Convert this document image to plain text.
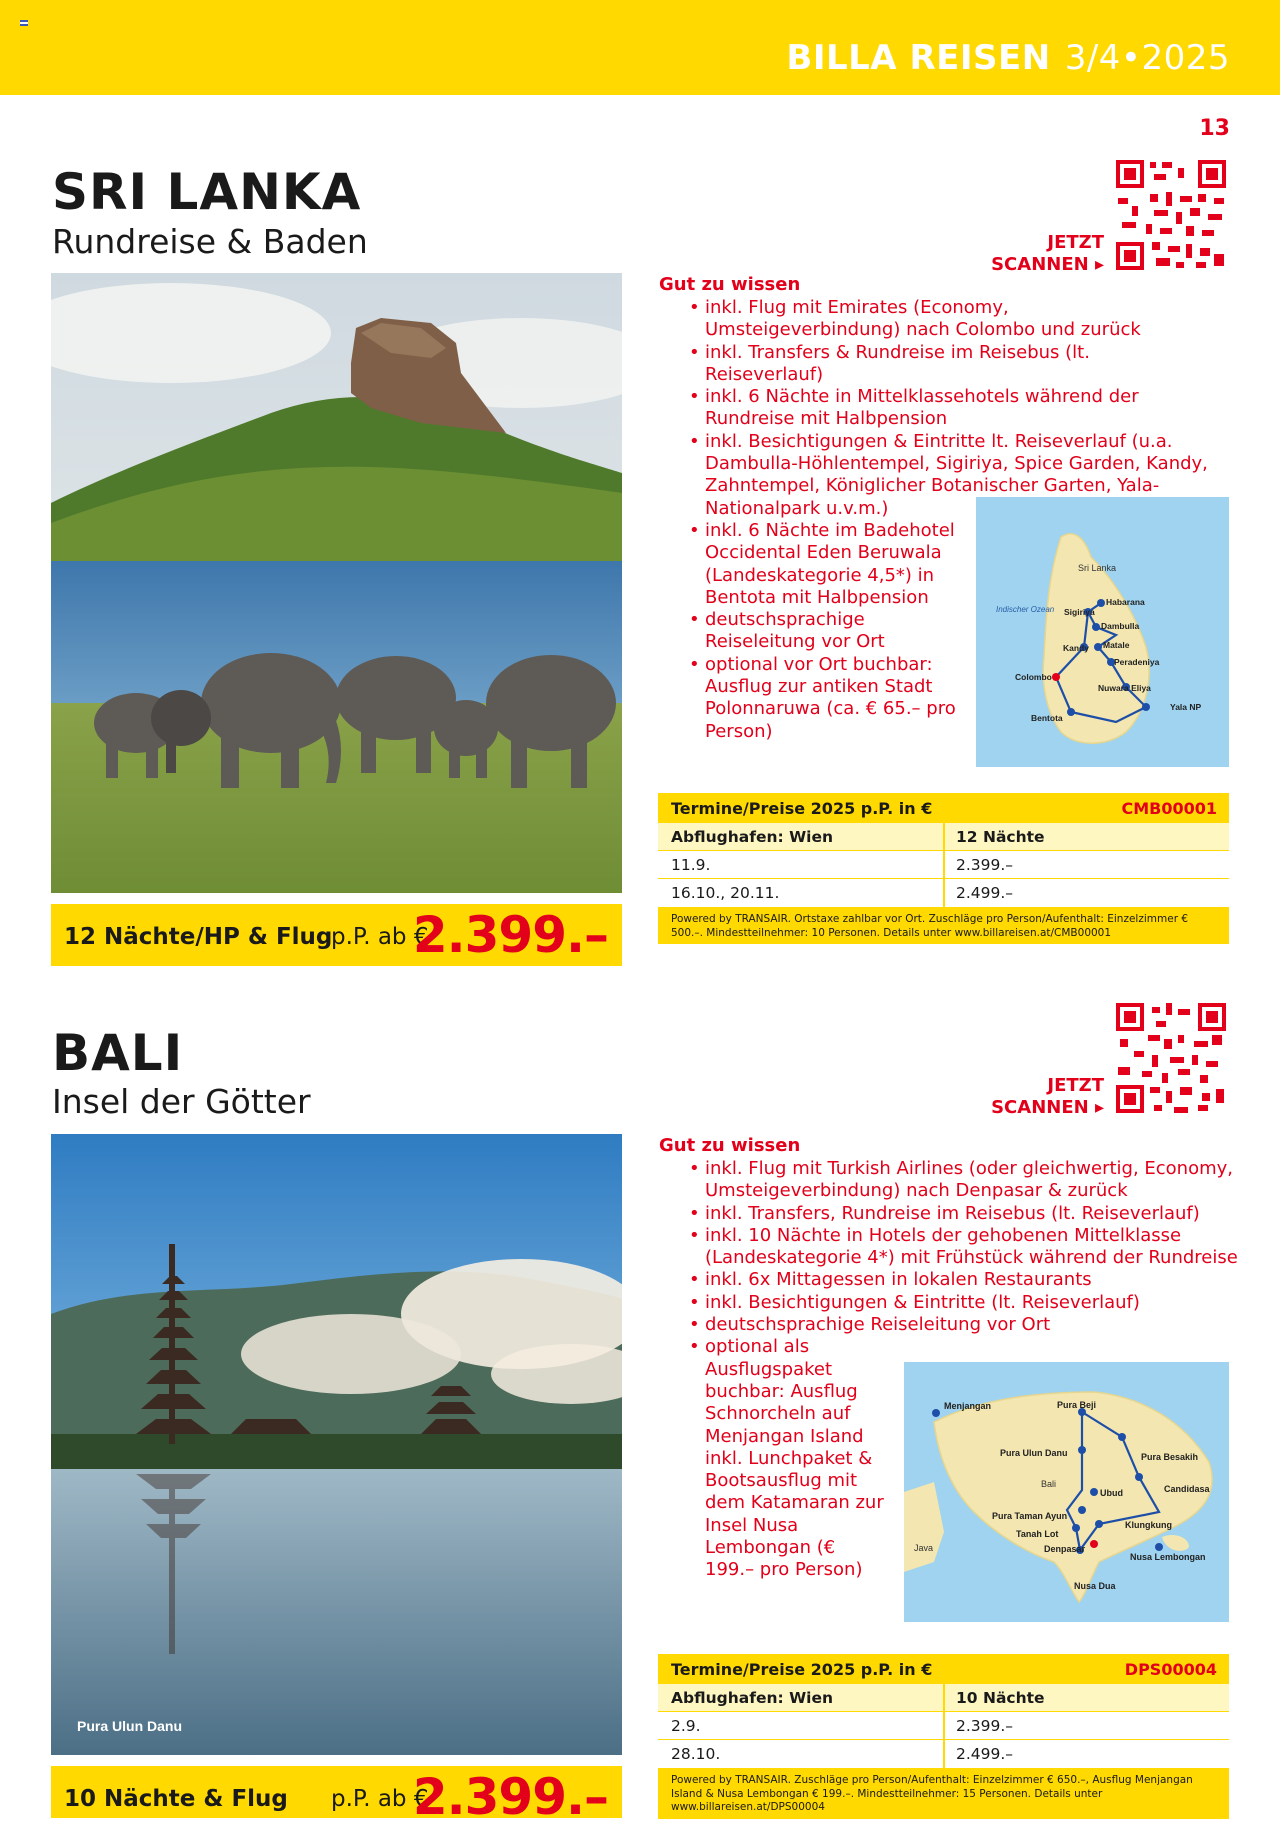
BILLA REISEN 3/4•2025
13
SRI LANKA
Rundreise & Baden
12 Nächte/HP & Flug
p.P. ab €
2.399.–
JETZT
SCANNEN ▸
Gut zu wissen
• inkl. Flug mit Emirates (Economy, Umsteigeverbindung) nach Colombo und zurück
• inkl. Transfers & Rundreise im Reisebus (lt. Reiseverlauf)
• inkl. 6 Nächte in Mittelklassehotels während der Rundreise mit Halbpension
• inkl. Besichtigungen & Eintritte lt. Reiseverlauf (u.a. Dambulla-Höhlentempel, Sigiriya, Spice Garden, Kandy, Zahntempel, Königlicher Botanischer Garten, Yala-Nationalpark u.v.m.)
• inkl. 6 Nächte im Badehotel Occidental Eden Beruwala (Landeskategorie 4,5*) in Bentota mit Halbpension
• deutschsprachige Reiseleitung vor Ort
• optional vor Ort buchbar: Ausflug zur antiken Stadt Polonnaruwa (ca. € 65.– pro Person)
Sri Lanka
Indischer Ozean
Habarana
Sigiriya
Dambulla
Kandy Matale
Peradeniya
Colombo
Nuwara Eliya
Bentota
Yala NP
Termine/Preise 2025 p.P. in €	CMB00001
Abflughafen: Wien	12 Nächte
11.9.	2.399.–
16.10., 20.11.	2.499.–
Powered by TRANSAIR. Ortstaxe zahlbar vor Ort. Zuschläge pro Person/Aufenthalt: Einzelzimmer € 500.–. Mindestteilnehmer: 10 Personen. Details unter www.billareisen.at/CMB00001
BALI
Insel der Götter
Pura Ulun Danu
10 Nächte & Flug p.P. ab €
2.399.–
JETZT
SCANNEN ▸
Gut zu wissen
• inkl. Flug mit Turkish Airlines (oder gleichwertig, Economy, Umsteigeverbindung) nach Denpasar & zurück
• inkl. Transfers, Rundreise im Reisebus (lt. Reiseverlauf)
• inkl. 10 Nächte in Hotels der gehobenen Mittelklasse (Landeskategorie 4*) mit Frühstück während der Rundreise
• inkl. 6x Mittagessen in lokalen Restaurants
• inkl. Besichtigungen & Eintritte (lt. Reiseverlauf)
• deutschsprachige Reiseleitung vor Ort
• optional als Ausflugspaket buchbar: Ausflug Schnorcheln auf Menjangan Island inkl. Lunchpaket & Bootsausflug mit dem Katamaran zur Insel Nusa Lembongan (€ 199.– pro Person)
Bali
Java
Menjangan	Pura Beji
Pura Ulun Danu	Pura Besakih
Ubud	Candidasa
Pura Taman Ayun
Klungkung
Tanah Lot
Denpasar
Nusa Lembongan
Nusa Dua
Termine/Preise 2025 p.P. in €	DPS00004
Abflughafen: Wien	10 Nächte
2.9.	2.399.–
28.10.	2.499.–
Powered by TRANSAIR. Zuschläge pro Person/Aufenthalt: Einzelzimmer € 650.–, Ausflug Menjangan Island & Nusa Lembongan € 199.–. Mindestteilnehmer: 15 Personen. Details unter www.billareisen.at/DPS00004
